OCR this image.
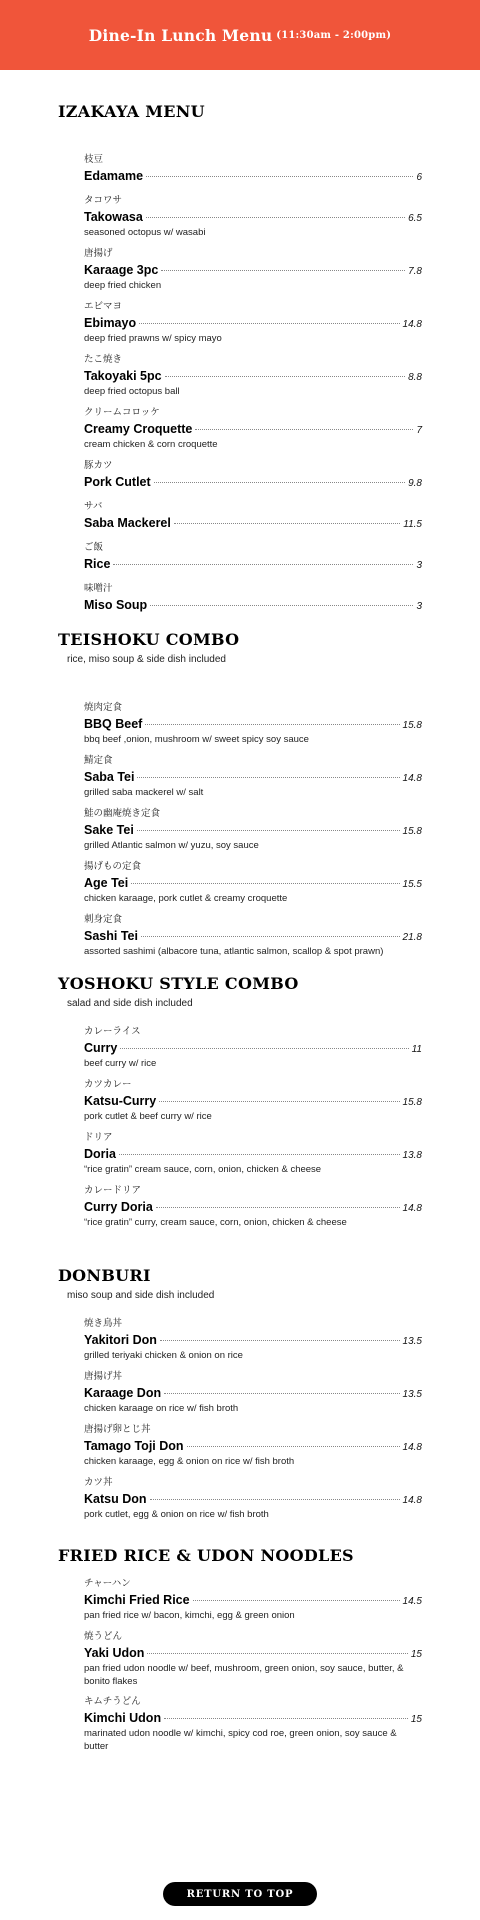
Dine-In Lunch Menu (11:30am - 2:00pm)
IZAKAYA MENU
枝豆
Edamame	6
タコワサ
Takowasa	6.5
seasoned octopus w/ wasabi
唐揚げ
Karaage 3pc	7.8
deep fried chicken
エビマヨ
Ebimayo	14.8
deep fried prawns w/ spicy mayo
たこ焼き
Takoyaki 5pc	8.8
deep fried octopus ball
クリームコロッケ
Creamy Croquette	7
cream chicken & corn croquette
豚カツ
Pork Cutlet	9.8
サバ
Saba Mackerel	11.5
ご飯
Rice	3
味噌汁
Miso Soup	3
TEISHOKU COMBO
rice, miso soup & side dish included
焼肉定食
BBQ Beef	15.8
bbq beef ,onion, mushroom w/ sweet spicy soy sauce
鯖定食
Saba Tei	14.8
grilled saba mackerel w/ salt
鮭の幽庵焼き定食
Sake Tei	15.8
grilled Atlantic salmon w/ yuzu, soy sauce
揚げもの定食
Age Tei	15.5
chicken karaage, pork cutlet & creamy croquette
刺身定食
Sashi Tei	21.8
assorted sashimi (albacore tuna, atlantic salmon, scallop & spot prawn)
YOSHOKU STYLE COMBO
salad and side dish included
カレーライス
Curry	11
beef curry w/ rice
カツカレー
Katsu-Curry	15.8
pork cutlet & beef curry w/ rice
ドリア
Doria	13.8
“rice gratin” cream sauce, corn, onion, chicken & cheese
カレードリア
Curry Doria	14.8
“rice gratin” curry, cream sauce, corn, onion, chicken & cheese
DONBURI
miso soup and side dish included
焼き鳥丼
Yakitori Don	13.5
grilled teriyaki chicken & onion on rice
唐揚げ丼
Karaage Don	13.5
chicken karaage on rice w/ fish broth
唐揚げ卵とじ丼
Tamago Toji Don	14.8
chicken karaage, egg & onion on rice w/ fish broth
カツ丼
Katsu Don	14.8
pork cutlet, egg & onion on rice w/ fish broth
FRIED RICE & UDON NOODLES
チャーハン
Kimchi Fried Rice	14.5
pan fried rice w/ bacon, kimchi, egg & green onion
焼うどん
Yaki Udon	15
pan fried udon noodle w/ beef, mushroom, green onion, soy sauce, butter, & bonito flakes
キムチうどん
Kimchi Udon	15
marinated udon noodle w/ kimchi, spicy cod roe, green onion, soy sauce & butter
RETURN TO TOP
